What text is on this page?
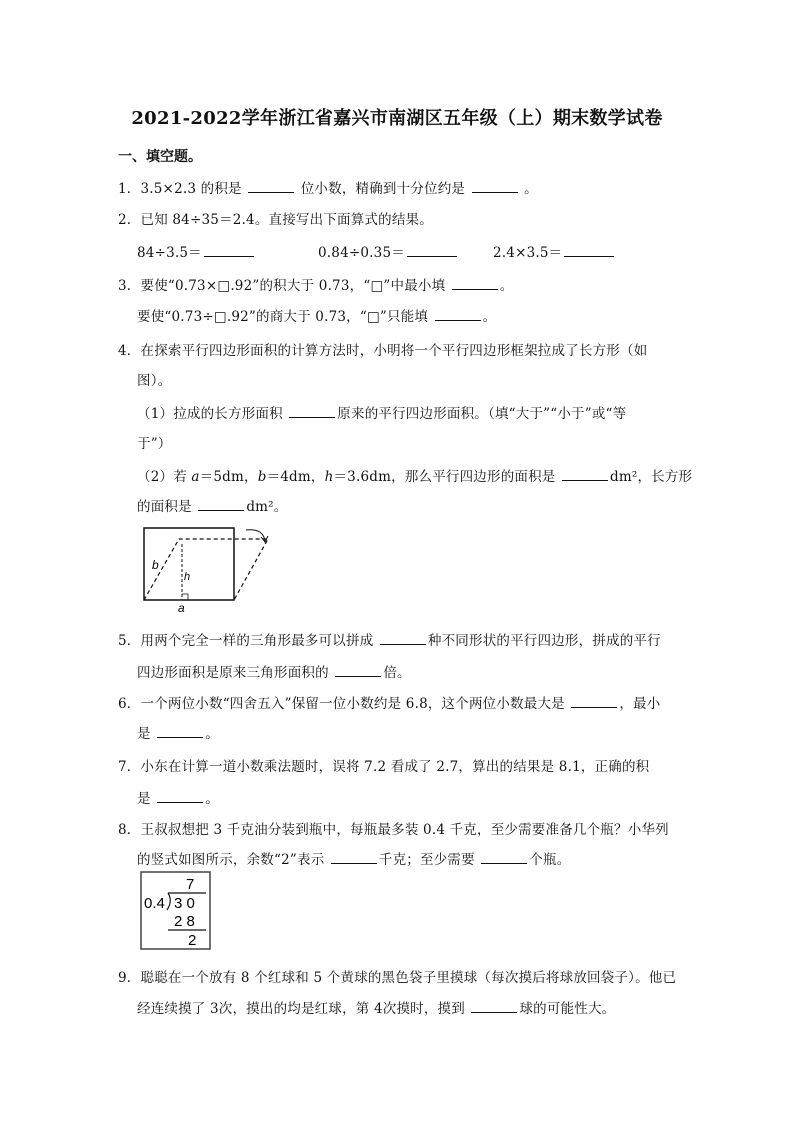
2021-2022学年浙江省嘉兴市南湖区五年级（上）期末数学试卷
一、填空题。
1．3.5×2.3 的积是	位小数，精确到十分位约是	。
2．已知 84÷35＝2.4。直接写出下面算式的结果。
84÷3.5＝	0.84÷0.35＝	2.4×3.5＝
3．要使“0.73×□.92”的积大于 0.73，“□”中最小填	。
要使“0.73÷□.92”的商大于 0.73，“□”只能填	。
4．在探索平行四边形面积的计算方法时，小明将一个平行四边形框架拉成了长方形（如
图）。
（1）拉成的长方形面积	原来的平行四边形面积。（填“大于”“小于”或“等
于”）
（2）若 a＝5dm，b＝4dm，h＝3.6dm，那么平行四边形的面积是	dm²，长方形
的面积是	dm²。
b
h
a
5．用两个完全一样的三角形最多可以拼成	种不同形状的平行四边形，拼成的平行
四边形面积是原来三角形面积的	倍。
6．一个两位小数“四舍五入”保留一位小数约是 6.8，这个两位小数最大是	，最小
是	。
7．小东在计算一道小数乘法题时，误将 7.2 看成了 2.7，算出的结果是 8.1，正确的积
是	。
8．王叔叔想把 3 千克油分装到瓶中，每瓶最多装 0.4 千克，至少需要准备几个瓶？小华列
的竖式如图所示，余数“2”表示	千克；至少需要	个瓶。
7
0.4 3 0
2 8
2
9．聪聪在一个放有 8 个红球和 5 个黄球的黑色袋子里摸球（每次摸后将球放回袋子）。他已
经连续摸了 3次，摸出的均是红球，第 4次摸时，摸到	球的可能性大。
